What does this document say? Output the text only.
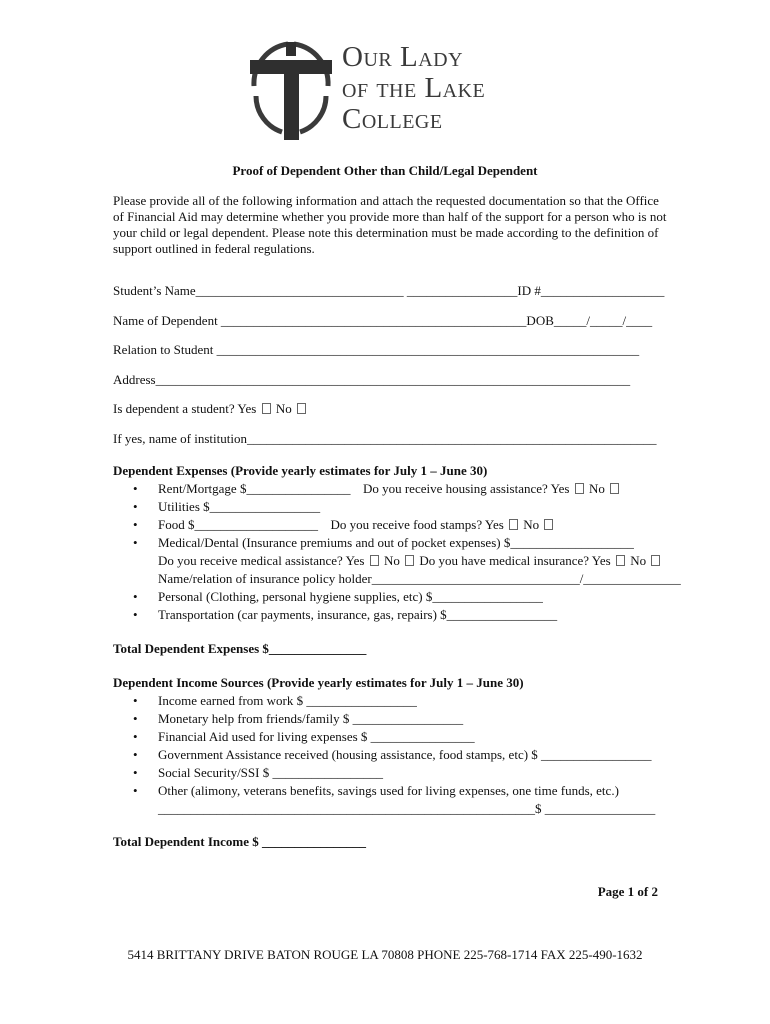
Our Lady
of the Lake
College
Proof of Dependent Other than Child/Legal Dependent
Please provide all of the following information and attach the requested documentation so that the Office of Financial Aid may determine whether you provide more than half of the support for a person who is not your child or legal dependent. Please note this determination must be made according to the definition of support outlined in federal regulations.
Student’s Name________________________________ _________________ID #___________________
Name of Dependent _______________________________________________DOB_____/_____/____
Relation to Student _________________________________________________________________
Address_________________________________________________________________________
Is dependent a student? Yes No
If yes, name of institution_______________________________________________________________
Dependent Expenses (Provide yearly estimates for July 1 – June 30)
• Rent/Mortgage $________________ Do you receive housing assistance? Yes No
• Utilities $_________________
• Food $___________________ Do you receive food stamps? Yes No
• Medical/Dental (Insurance premiums and out of pocket expenses) $___________________
Do you receive medical assistance? Yes No Do you have medical insurance? Yes No
Name/relation of insurance policy holder________________________________/_______________
• Personal (Clothing, personal hygiene supplies, etc) $_________________
• Transportation (car payments, insurance, gas, repairs) $_________________
Total Dependent Expenses $_______________
Dependent Income Sources (Provide yearly estimates for July 1 – June 30)
• Income earned from work $ _________________
• Monetary help from friends/family $ _________________
• Financial Aid used for living expenses $ ________________
• Government Assistance received (housing assistance, food stamps, etc) $ _________________
• Social Security/SSI $ _________________
• Other (alimony, veterans benefits, savings used for living expenses, one time funds, etc.)
__________________________________________________________$ _________________
Total Dependent Income $ ________________
Page 1 of 2
5414 BRITTANY DRIVE BATON ROUGE LA 70808 PHONE 225-768-1714 FAX 225-490-1632
